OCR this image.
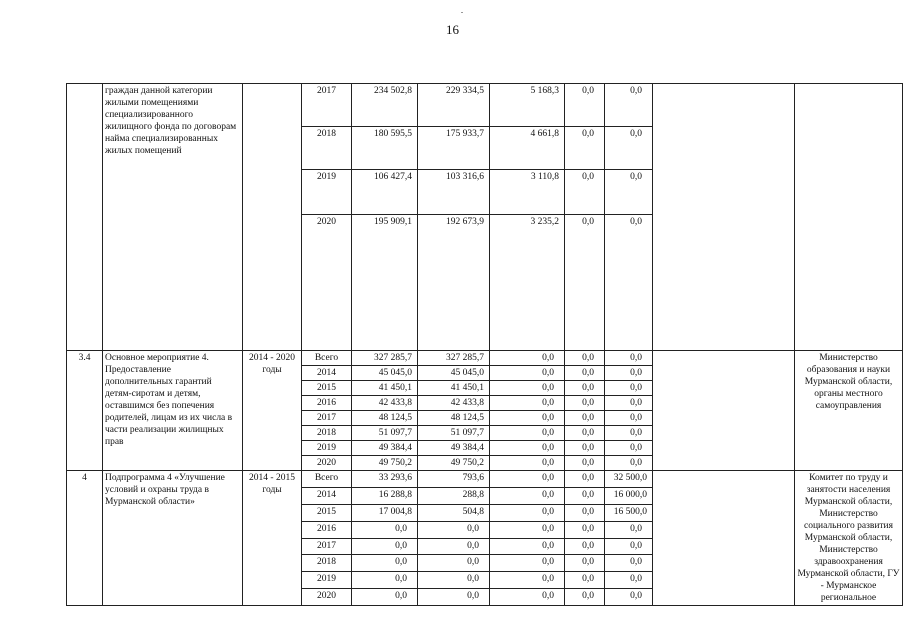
16
	граждан данной категории жилыми помещениями специализированного жилищного фонда по договорам найма специализированных жилых помещений		2017	234 502,8	229 334,5	5 168,3	0,0	0,0		
			2018	180 595,5	175 933,7	4 661,8	0,0	0,0		
			2019	106 427,4	103 316,6	3 110,8	0,0	0,0		
			2020	195 909,1	192 673,9	3 235,2	0,0	0,0		
3.4	Основное мероприятие 4. Предоставление дополнительных гарантий детям-сиротам и детям, оставшимся без попечения родителей, лицам из их числа в части реализации жилищных прав	2014 - 2020 годы	Всего	327 285,7	327 285,7	0,0	0,0	0,0		Министерство образования и науки Мурманской области, органы местного самоуправления
			2014	45 045,0	45 045,0	0,0	0,0	0,0		
			2015	41 450,1	41 450,1	0,0	0,0	0,0		
			2016	42 433,8	42 433,8	0,0	0,0	0,0		
			2017	48 124,5	48 124,5	0,0	0,0	0,0		
			2018	51 097,7	51 097,7	0,0	0,0	0,0		
			2019	49 384,4	49 384,4	0,0	0,0	0,0		
			2020	49 750,2	49 750,2	0,0	0,0	0,0		
4	Подпрограмма 4 «Улучшение условий и охраны труда в Мурманской области»	2014 - 2015 годы	Всего	33 293,6	793,6	0,0	0,0	32 500,0		Комитет по труду и занятости населения Мурманской области, Министерство социального развития Мурманской области, Министерство здравоохранения Мурманской области, ГУ - Мурманское региональное
			2014	16 288,8	288,8	0,0	0,0	16 000,0		
			2015	17 004,8	504,8	0,0	0,0	16 500,0		
			2016	0,0	0,0	0,0	0,0	0,0		
			2017	0,0	0,0	0,0	0,0	0,0		
			2018	0,0	0,0	0,0	0,0	0,0		
			2019	0,0	0,0	0,0	0,0	0,0		
			2020	0,0	0,0	0,0	0,0	0,0		
